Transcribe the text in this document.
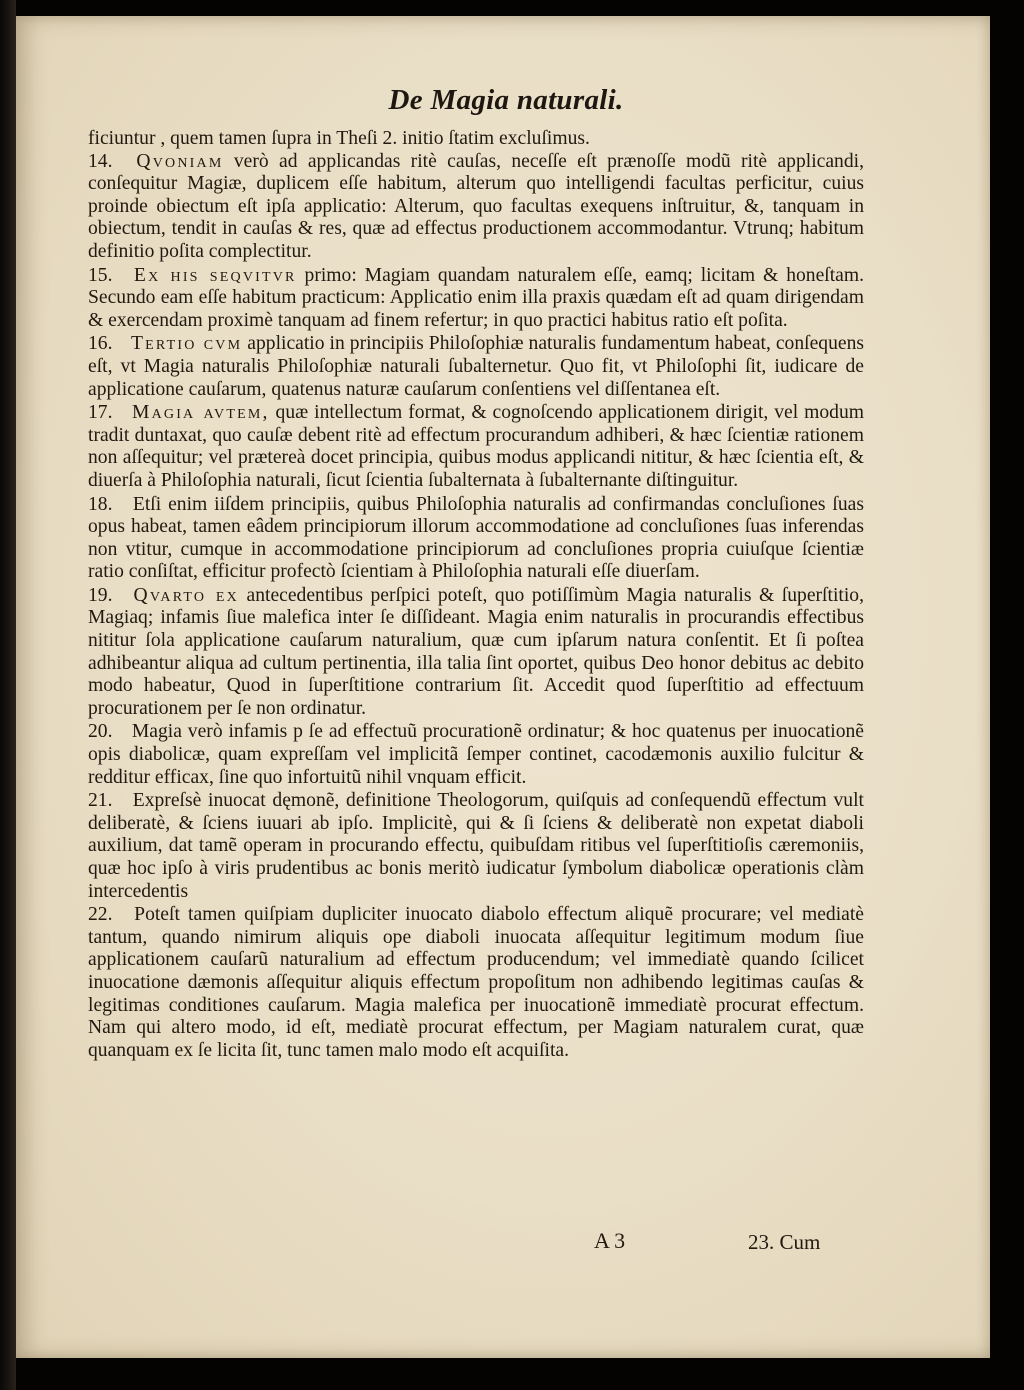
De Magia naturali.

ficiuntur , quem tamen ſupra in Theſi 2. initio ſtatim excluſimus.

14. Qvoniam verò ad applicandas ritè cauſas, neceſſe eſt prænoſſe modũ ritè applicandi, conſequitur Magiæ, duplicem eſſe habitum, alterum quo intelligendi facultas perficitur, cuius proinde obiectum eſt ipſa applicatio: Alterum, quo facultas exequens inſtruitur, &, tanquam in obiectum, tendit in cauſas & res, quæ ad effectus productionem accommodantur. Vtrunq; habitum definitio poſita complectitur.

15. Ex his seqvitvr primo: Magiam quandam naturalem eſſe, eamq; licitam & honeſtam. Secundo eam eſſe habitum practicum: Applicatio enim illa praxis quædam eſt ad quam dirigendam & exercendam proximè tanquam ad finem refertur; in quo practici habitus ratio eſt poſita.

16. Tertio cvm applicatio in principiis Philoſophiæ naturalis fundamentum habeat, conſequens eſt, vt Magia naturalis Philoſophiæ naturali ſubalternetur. Quo fit, vt Philoſophi ſit, iudicare de applicatione cauſarum, quatenus naturæ cauſarum conſentiens vel diſſentanea eſt.

17. Magia avtem, quæ intellectum format, & cognoſcendo applicationem dirigit, vel modum tradit duntaxat, quo cauſæ debent ritè ad effectum procurandum adhiberi, & hæc ſcientiæ rationem non aſſequitur; vel prætereà docet principia, quibus modus applicandi nititur, & hæc ſcientia eſt, & diuerſa à Philoſophia naturali, ſicut ſcientia ſubalternata à ſubalternante diſtinguitur.

18. Etſi enim iiſdem principiis, quibus Philoſophia naturalis ad confirmandas concluſiones ſuas opus habeat, tamen eâdem principiorum illorum accommodatione ad concluſiones ſuas inferendas non vtitur, cumque in accommodatione principiorum ad concluſiones propria cuiuſque ſcientiæ ratio conſiſtat, efficitur profectò ſcientiam à Philoſophia naturali eſſe diuerſam.

19. Qvarto ex antecedentibus perſpici poteſt, quo potiſſimùm Magia naturalis & ſuperſtitio, Magiaq; infamis ſiue malefica inter ſe diſſideant. Magia enim naturalis in procurandis effectibus nititur ſola applicatione cauſarum naturalium, quæ cum ipſarum natura conſentit. Et ſi poſtea adhibeantur aliqua ad cultum pertinentia, illa talia ſint oportet, quibus Deo honor debitus ac debito modo habeatur, Quod in ſuperſtitione contrarium ſit. Accedit quod ſuperſtitio ad effectuum procurationem per ſe non ordinatur.

20. Magia verò infamis p ſe ad effectuũ procurationẽ ordinatur; & hoc quatenus per inuocationẽ opis diabolicæ, quam expreſſam vel implicitã ſemper continet, cacodæmonis auxilio fulcitur & redditur efficax, ſine quo infortuitũ nihil vnquam efficit.

21. Expreſsè inuocat dęmonẽ, definitione Theologorum, quiſquis ad conſequendũ effectum vult deliberatè, & ſciens iuuari ab ipſo. Implicitè, qui & ſi ſciens & deliberatè non expetat diaboli auxilium, dat tamẽ operam in procurando effectu, quibuſdam ritibus vel ſuperſtitioſis cæremoniis, quæ hoc ipſo à viris prudentibus ac bonis meritò iudicatur ſymbolum diabolicæ operationis clàm intercedentis

22. Poteſt tamen quiſpiam dupliciter inuocato diabolo effectum aliquẽ procurare; vel mediatè tantum, quando nimirum aliquis ope diaboli inuocata aſſequitur legitimum modum ſiue applicationem cauſarũ naturalium ad effectum producendum; vel immediatè quando ſcilicet inuocatione dæmonis aſſequitur aliquis effectum propoſitum non adhibendo legitimas cauſas & legitimas conditiones cauſarum. Magia malefica per inuocationẽ immediatè procurat effectum. Nam qui altero modo, id eſt, mediatè procurat effectum, per Magiam naturalem curat, quæ quanquam ex ſe licita ſit, tunc tamen malo modo eſt acquiſita.

A 3	23. Cum
